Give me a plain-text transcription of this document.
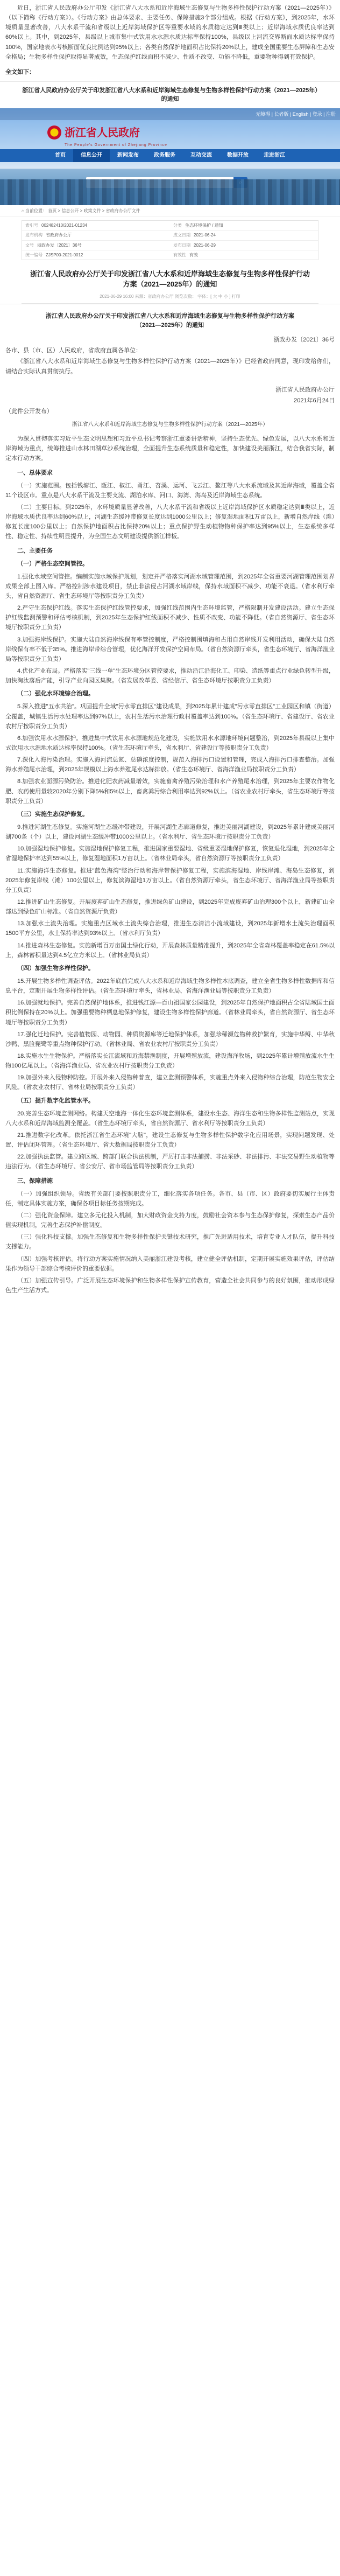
近日，浙江省人民政府办公厅印发《浙江省八大水系和近岸海域生态修复与生物多样性保护行动方案（2021—2025年）》（以下简称《行动方案》）。《行动方案》由总体要求、主要任务、保障措施3个部分组成。根据《行动方案》，到2025年，水环境质量显著改善，八大水系干流和省级以上近岸海域保护区等重要水域的水质稳定达到Ⅲ类以上；近岸海域水质优良率达到60%以上。其中，到2025年，县级以上城市集中式饮用水水源水质达标率保持100%，县级以上河流交界断面水质达标率保持100%，国家地表水考核断面优良比例达到95%以上；各类自然保护地面积占比保持20%以上，建成全国重要生态屏障和生态安全格局；生物多样性保护取得显著成效，生态保护红线面积不减少、性质不改变、功能不降低，重要物种得到有效保护。

全文如下：

浙江省人民政府办公厅关于印发浙江省八大水系和近岸海域生态修复与生物多样性保护行动方案（2021—2025年）的通知
无障碍 | 长者版 | English | 登录 | 注册
浙江省人民政府
The People's Government of Zhejiang Province
首页	信息公开	新闻发布	政务服务	互动交流	数据开放	走进浙江
⌂ 当前位置： 首页 > 信息公开 > 政策文件 > 省政府办公厅文件
索引号 002482410/2021-01234	分类 生态环境保护 / 通知
发布机构 省政府办公厅	成文日期 2021-06-24
文号 浙政办发〔2021〕36号	发布日期 2021-06-29
统一编号 ZJSP00-2021-0012	有效性 有效
浙江省人民政府办公厅关于印发浙江省八大水系和近岸海域生态修复与生物多样性保护行动方案（2021—2025年）的通知
2021-06-29 16:00 来源：省政府办公厅 浏览次数： 字体：[ 大 中 小 ] 打印
浙江省人民政府办公厅关于印发浙江省八大水系和近岸海域生态修复与生物多样性保护行动方案（2021—2025年）的通知
浙政办发〔2021〕36号
各市、县（市、区）人民政府，省政府直属各单位：

《浙江省八大水系和近岸海域生态修复与生物多样性保护行动方案（2021—2025年）》已经省政府同意，现印发给你们，请结合实际认真贯彻执行。

浙江省人民政府办公厅
2021年6月24日
（此件公开发布）
浙江省八大水系和近岸海域生态修复与生物多样性保护行动方案（2021—2025年）

为深入贯彻落实习近平生态文明思想和习近平总书记考察浙江重要讲话精神，坚持生态优先、绿色发展，以八大水系和近岸海域为重点，统筹推进山水林田湖草沙系统治理，全面提升生态系统质量和稳定性，加快建设美丽浙江，结合我省实际，制定本行动方案。

一、总体要求

（一）实施范围。包括钱塘江、瓯江、椒江、甬江、苕溪、运河、飞云江、鳌江等八大水系流域及其近岸海域，覆盖全省11个设区市。重点是八大水系干流及主要支流、湖泊水库、河口、海湾、海岛及近岸海域生态系统。

（二）主要目标。到2025年，水环境质量显著改善，八大水系干流和省级以上近岸海域保护区水质稳定达到Ⅲ类以上，近岸海域水质优良率达到60%以上，河湖生态缓冲带修复长度达到1000公里以上；修复湿地面积1万亩以上，新增自然岸线（滩）修复长度100公里以上；自然保护地面积占比保持20%以上；重点保护野生动植物物种保护率达到95%以上，生态系统多样性、稳定性、持续性明显提升，为全国生态文明建设提供浙江样板。

二、主要任务
（一）严格生态空间管控。

1.强化水域空间管控。编制实施水域保护规划，划定并严格落实河湖水域管理范围，到2025年全省重要河湖管理范围划界成果全部上图入库。严格控制涉水建设项目，禁止非法侵占河湖水域岸线，保持水域面积不减少、功能不衰退。（省水利厅牵头，省自然资源厅、省生态环境厅等按职责分工负责）

2.严守生态保护红线。落实生态保护红线管控要求，加强红线范围内生态环境监管，严格限制开发建设活动。建立生态保护红线监测预警和评估考核机制，到2025年生态保护红线面积不减少、性质不改变、功能不降低。（省自然资源厅、省生态环境厅按职责分工负责）

3.加强海岸线保护。实施大陆自然海岸线保有率管控制度，严格控制围填海和占用自然岸线开发利用活动，确保大陆自然岸线保有率不低于35%。推进海岸带综合管理，优化海洋开发保护空间布局。（省自然资源厅牵头，省生态环境厅、省海洋渔业局等按职责分工负责）

4.优化产业布局。严格落实"三线一单"生态环境分区管控要求，推动沿江沿海化工、印染、造纸等重点行业绿色转型升级，加快淘汰落后产能，引导产业向园区集聚。（省发展改革委、省经信厅、省生态环境厅按职责分工负责）

（二）强化水环境综合治理。

5.深入推进"五水共治"。巩固提升全域"污水零直排区"建设成果，到2025年累计建成"污水零直排区"工业园区和镇（街道）全覆盖，城镇生活污水处理率达到97%以上，农村生活污水治理行政村覆盖率达到100%。（省生态环境厅、省建设厅、省农业农村厅按职责分工负责）

6.加强饮用水水源保护。推进集中式饮用水水源地规范化建设，实施饮用水水源地环境问题整治，到2025年县级以上集中式饮用水水源地水质达标率保持100%。（省生态环境厅牵头，省水利厅、省建设厅等按职责分工负责）

7.深化入海污染治理。实施入海河流总氮、总磷浓度控制，规范入海排污口设置和管理，完成入海排污口排查整治。加强海水养殖尾水治理，到2025年规模以上海水养殖尾水达标排放。（省生态环境厅、省海洋渔业局按职责分工负责）

8.加强农业面源污染防治。推进化肥农药减量增效，实施畜禽养殖污染治理和水产养殖尾水治理，到2025年主要农作物化肥、农药使用量较2020年分别下降5%和5%以上，畜禽粪污综合利用率达到92%以上。（省农业农村厅牵头，省生态环境厅等按职责分工负责）

（三）实施生态保护修复。

9.推进河湖生态修复。实施河湖生态缓冲带建设，开展河湖生态廊道修复，推进美丽河湖建设，到2025年累计建成美丽河湖700条（个）以上，建设河湖生态缓冲带1000公里以上。（省水利厅、省生态环境厅按职责分工负责）

10.加强湿地保护修复。实施湿地保护修复工程，推进国家重要湿地、省级重要湿地保护修复，恢复退化湿地，到2025年全省湿地保护率达到55%以上，修复湿地面积1万亩以上。（省林业局牵头，省自然资源厅等按职责分工负责）

11.实施海洋生态修复。推进"蓝色海湾"整治行动和海岸带保护修复工程，实施滨海湿地、岸线岸滩、海岛生态修复，到2025年修复岸线（滩）100公里以上，修复滨海湿地1万亩以上。（省自然资源厅牵头，省生态环境厅、省海洋渔业局等按职责分工负责）

12.推进矿山生态修复。开展废弃矿山生态修复，推进绿色矿山建设，到2025年完成废弃矿山治理300个以上，新建矿山全部达到绿色矿山标准。（省自然资源厅负责）

13.加强水土流失治理。实施重点区域水土流失综合治理，推进生态清洁小流域建设，到2025年新增水土流失治理面积1500平方公里，水土保持率达到93%以上。（省水利厅负责）

14.推进森林生态修复。实施新增百万亩国土绿化行动，开展森林质量精准提升，到2025年全省森林覆盖率稳定在61.5%以上，森林蓄积量达到4.5亿立方米以上。（省林业局负责）

（四）加强生物多样性保护。

15.开展生物多样性调查评估。2022年底前完成八大水系和近岸海域生物多样性本底调查，建立全省生物多样性数据库和信息平台，定期开展生物多样性评估。（省生态环境厅牵头，省林业局、省海洋渔业局等按职责分工负责）

16.加强就地保护。完善自然保护地体系，推进钱江源—百山祖国家公园建设，到2025年自然保护地面积占全省陆域国土面积比例保持在20%以上。加强重要物种栖息地保护修复，建设生物多样性保护廊道。（省林业局牵头，省自然资源厅、省生态环境厅等按职责分工负责）

17.强化迁地保护。完善植物园、动物园、种质资源库等迁地保护体系，加强珍稀濒危物种救护繁育，实施中华鲟、中华秋沙鸭、黑脸琵鹭等重点物种保护行动。（省林业局、省农业农村厅按职责分工负责）

18.实施水生生物保护。严格落实长江流域和近海禁渔制度，开展增殖放流，建设海洋牧场，到2025年累计增殖放流水生生物100亿尾以上。（省海洋渔业局、省农业农村厅按职责分工负责）

19.加强外来入侵物种防控。开展外来入侵物种普查，建立监测预警体系，实施重点外来入侵物种综合治理，防范生物安全风险。（省农业农村厅、省林业局按职责分工负责）

（五）提升数字化监管水平。

20.完善生态环境监测网络。构建天空地海一体化生态环境监测体系，建设水生态、海洋生态和生物多样性监测站点，实现八大水系和近岸海域监测全覆盖。（省生态环境厅牵头，省自然资源厅、省水利厅等按职责分工负责）

21.推进数字化改革。依托浙江省生态环境"大脑"，建设生态修复与生物多样性保护数字化应用场景，实现问题发现、处置、评估闭环管理。（省生态环境厅、省大数据局按职责分工负责）

22.加强执法监管。建立跨区域、跨部门联合执法机制，严厉打击非法捕捞、非法采砂、非法排污、非法交易野生动植物等违法行为。（省生态环境厅、省公安厅、省市场监管局等按职责分工负责）

三、保障措施

（一）加强组织领导。省级有关部门要按照职责分工，细化落实各项任务。各市、县（市、区）政府要切实履行主体责任，制定具体实施方案，确保各项目标任务按期完成。

（二）强化资金保障。建立多元化投入机制，加大财政资金支持力度，鼓励社会资本参与生态保护修复，探索生态产品价值实现机制，完善生态保护补偿制度。

（三）强化科技支撑。加强生态修复和生物多样性保护关键技术研究，推广先进适用技术，培育专业人才队伍，提升科技支撑能力。

（四）加强考核评估。将行动方案实施情况纳入美丽浙江建设考核，建立健全评估机制，定期开展实施效果评估，评估结果作为领导干部综合考核评价的重要依据。

（五）加强宣传引导。广泛开展生态环境保护和生物多样性保护宣传教育，营造全社会共同参与的良好氛围，推动形成绿色生产生活方式。
